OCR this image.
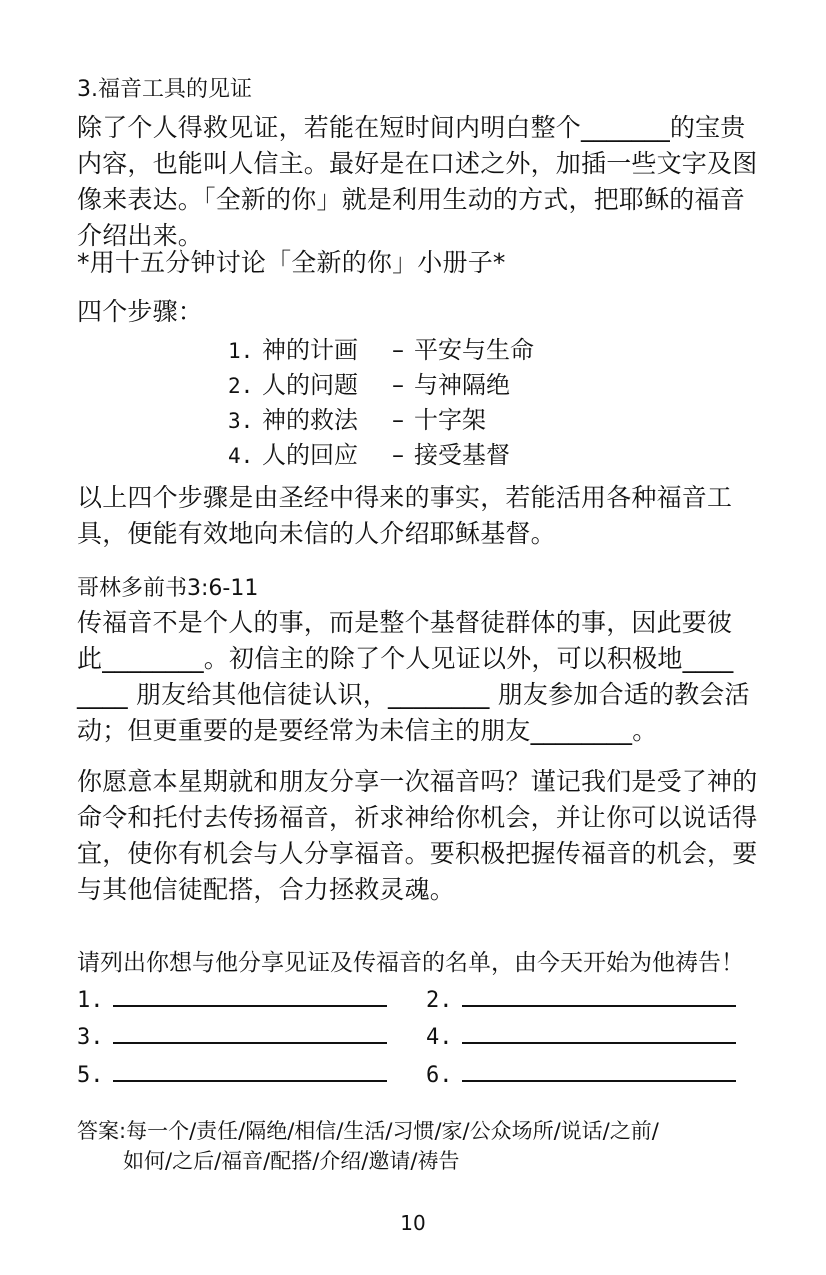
3.福音工具的见证
除了个人得救见证，若能在短时间内明白整个_______的宝贵
内容，也能叫人信主。最好是在口述之外，加插一些文字及图
像来表达。「全新的你」就是利用生动的方式，把耶稣的福音
介绍出来。
*用十五分钟讨论「全新的你」小册子*
四个步骤：
1. 神的计画 – 平安与生命
2. 人的问题 – 与神隔绝
3. 神的救法 – 十字架
4. 人的回应 – 接受基督
以上四个步骤是由圣经中得来的事实，若能活用各种福音工
具，便能有效地向未信的人介绍耶稣基督。
哥林多前书3:6-11
传福音不是个人的事，而是整个基督徒群体的事，因此要彼
此________。初信主的除了个人见证以外，可以积极地____
____ 朋友给其他信徒认识，________ 朋友参加合适的教会活
动；但更重要的是要经常为未信主的朋友________。
你愿意本星期就和朋友分享一次福音吗？谨记我们是受了神的
命令和托付去传扬福音，祈求神给你机会，并让你可以说话得
宜，使你有机会与人分享福音。要积极把握传福音的机会，要
与其他信徒配搭，合力拯救灵魂。
请列出你想与他分享见证及传福音的名单，由今天开始为他祷告！
1.	2.
3.	4.
5.	6.
答案:每一个/责任/隔绝/相信/生活/习惯/家/公众场所/说话/之前/
如何/之后/福音/配搭/介绍/邀请/祷告
10
